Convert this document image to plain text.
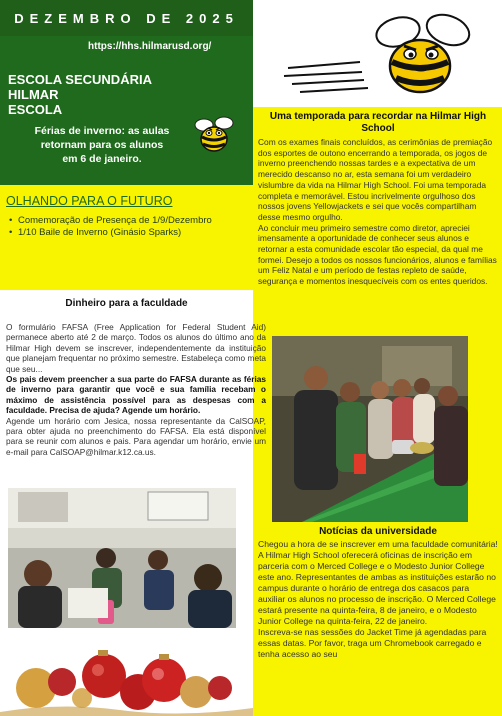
DEZEMBRO DE 2025
https://hhs.hilmarusd.org/
ESCOLA SECUNDÁRIA
HILMAR
ESCOLA
Férias de inverno: as aulas retornam para os alunos em 6 de janeiro.
OLHANDO PARA O FUTURO
• Comemoração de Presença de 1/9/Dezembro
• 1/10 Baile de Inverno (Ginásio Sparks)
Uma temporada para recordar na Hilmar High School

Com os exames finais concluídos, as cerimônias de premiação dos esportes de outono encerrando a temporada, os jogos de inverno preenchendo nossas tardes e a expectativa de um merecido descanso no ar, esta semana foi um verdadeiro vislumbre da vida na Hilmar High School. Foi uma temporada completa e memorável. Estou incrivelmente orgulhoso dos nossos jovens Yellowjackets e sei que vocês compartilham desse mesmo orgulho.

Ao concluir meu primeiro semestre como diretor, apreciei imensamente a oportunidade de conhecer seus alunos e retornar a esta comunidade escolar tão especial, da qual me formei. Desejo a todos os nossos funcionários, alunos e famílias um Feliz Natal e um período de festas repleto de saúde, segurança e momentos inesquecíveis com os entes queridos.

Dinheiro para a faculdade

O formulário FAFSA (Free Application for Federal Student Aid) permanece aberto até 2 de março. Todos os alunos do último ano da Hilmar High devem se inscrever, independentemente da instituição que planejam frequentar no próximo semestre. Estabeleça como meta que seu...

Os pais devem preencher a sua parte do FAFSA durante as férias de inverno para garantir que você e sua família recebam o máximo de assistência possível para as despesas com a faculdade. Precisa de ajuda? Agende um horário.

Agende um horário com Jesica, nossa representante da CalSOAP, para obter ajuda no preenchimento do FAFSA. Ela está disponível para se reunir com alunos e pais. Para agendar um horário, envie um e-mail para CalSOAP@hilmar.k12.ca.us.

Notícias da universidade

Chegou a hora de se inscrever em uma faculdade comunitária! A Hilmar High School oferecerá oficinas de inscrição em parceria com o Merced College e o Modesto Junior College este ano. Representantes de ambas as instituições estarão no campus durante o horário de entrega dos casacos para auxiliar os alunos no processo de inscrição. O Merced College estará presente na quinta-feira, 8 de janeiro, e o Modesto Junior College na quinta-feira, 22 de janeiro.

Inscreva-se nas sessões do Jacket Time já agendadas para essas datas. Por favor, traga um Chromebook carregado e tenha acesso ao seu
